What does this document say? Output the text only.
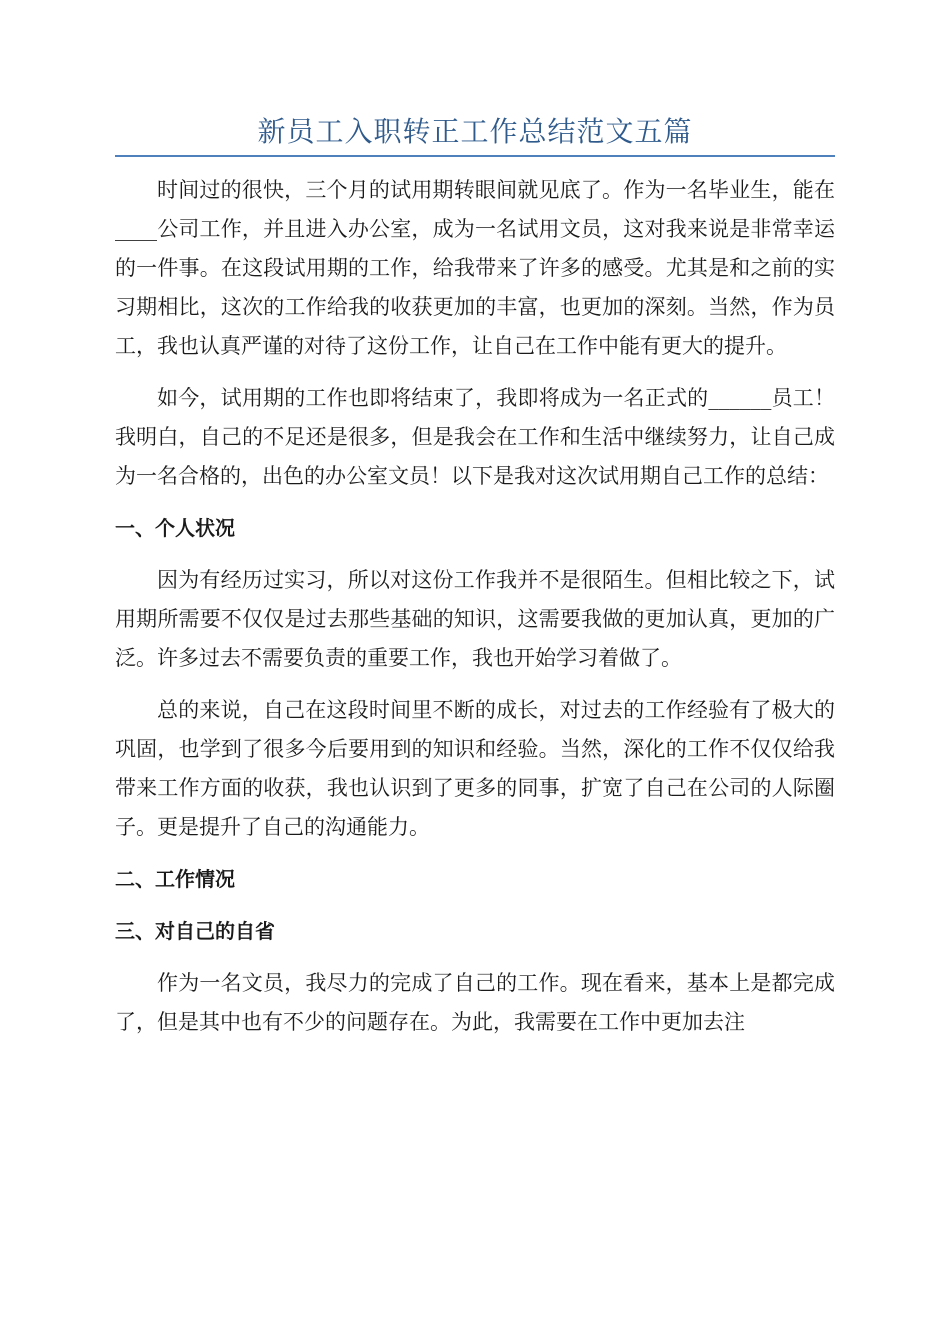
新员工入职转正工作总结范文五篇

时间过的很快，三个月的试用期转眼间就见底了。作为一名毕业生，能在____公司工作，并且进入办公室，成为一名试用文员，这对我来说是非常幸运的一件事。在这段试用期的工作，给我带来了许多的感受。尤其是和之前的实习期相比，这次的工作给我的收获更加的丰富，也更加的深刻。当然，作为员工，我也认真严谨的对待了这份工作，让自己在工作中能有更大的提升。

如今，试用期的工作也即将结束了，我即将成为一名正式的______员工！我明白，自己的不足还是很多，但是我会在工作和生活中继续努力，让自己成为一名合格的，出色的办公室文员！以下是我对这次试用期自己工作的总结：

一、个人状况

因为有经历过实习，所以对这份工作我并不是很陌生。但相比较之下，试用期所需要不仅仅是过去那些基础的知识，这需要我做的更加认真，更加的广泛。许多过去不需要负责的重要工作，我也开始学习着做了。

总的来说，自己在这段时间里不断的成长，对过去的工作经验有了极大的巩固，也学到了很多今后要用到的知识和经验。当然，深化的工作不仅仅给我带来工作方面的收获，我也认识到了更多的同事，扩宽了自己在公司的人际圈子。更是提升了自己的沟通能力。

二、工作情况

三、对自己的自省

作为一名文员，我尽力的完成了自己的工作。现在看来，基本上是都完成了，但是其中也有不少的问题存在。为此，我需要在工作中更加去注
